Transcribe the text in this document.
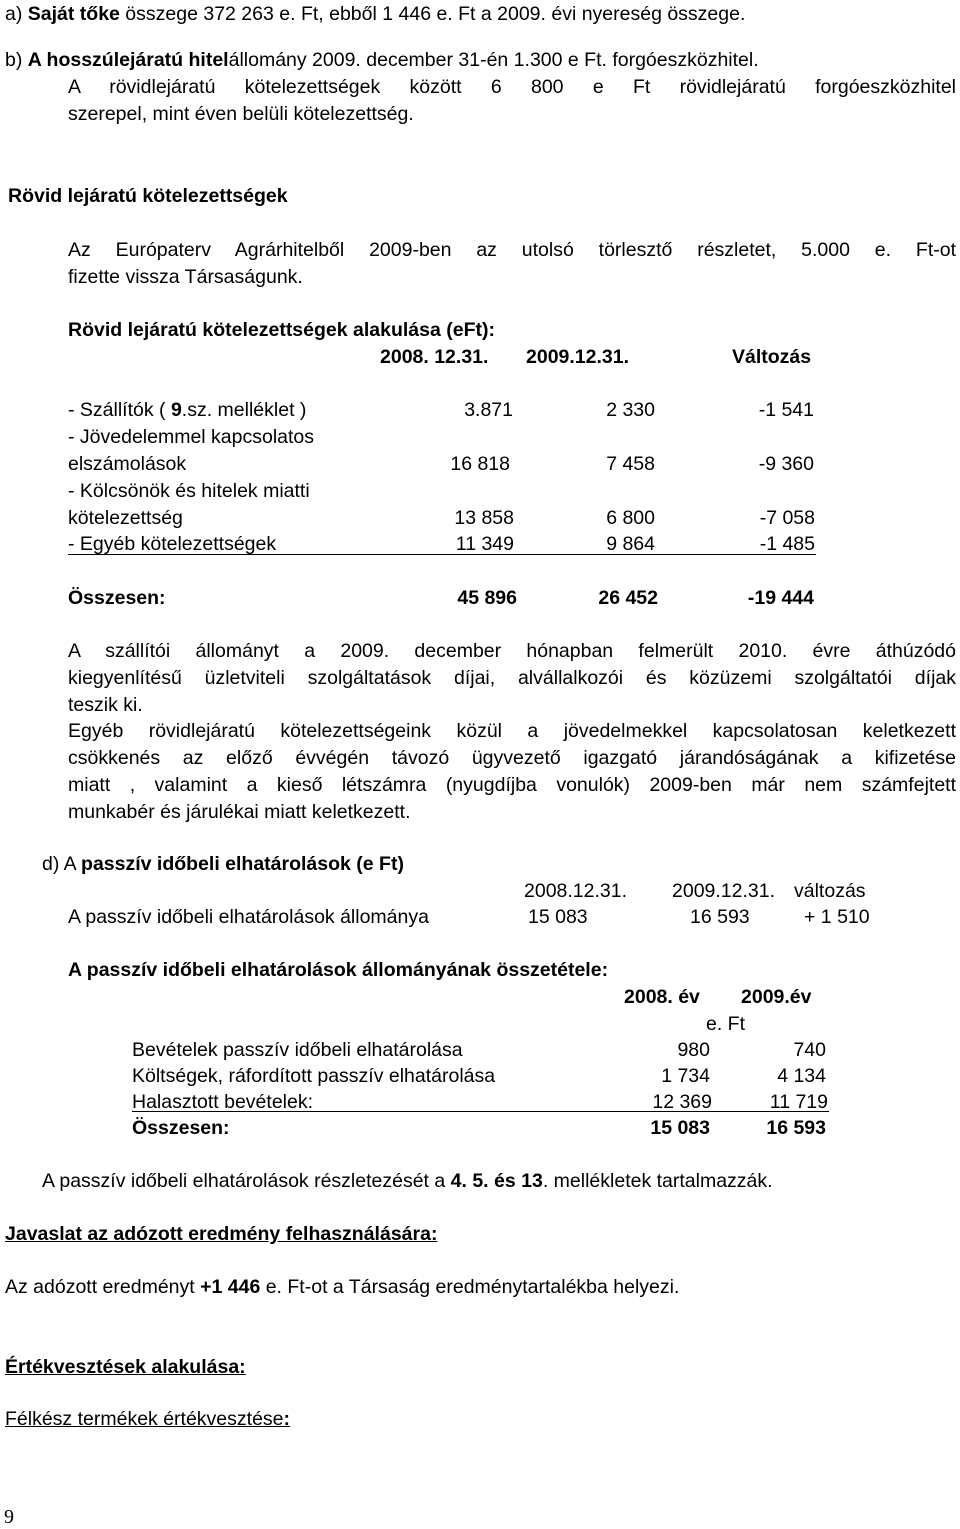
a) Saját tőke összege 372 263 e. Ft, ebből 1 446 e. Ft a 2009. évi nyereség összege.
b) A hosszúlejáratú hitelállomány 2009. december 31-én 1.300 e Ft. forgóeszközhitel.
A rövidlejáratú kötelezettségek között 6 800 e Ft rövidlejáratú forgóeszközhitel
szerepel, mint éven belüli kötelezettség.
Rövid lejáratú kötelezettségek
Az Európaterv Agrárhitelből 2009-ben az utolsó törlesztő részletet, 5.000 e. Ft-ot
fizette vissza Társaságunk.
Rövid lejáratú kötelezettségek alakulása (eFt):
2008. 12.31. 2009.12.31.	Változás
- Szállítók ( 9.sz. melléklet )	3.871	2 330	-1 541
- Jövedelemmel kapcsolatos
elszámolások	16 818	7 458	-9 360
- Kölcsönök és hitelek miatti
kötelezettség	13 858	6 800	-7 058
- Egyéb kötelezettségek	11 349	9 864	-1 485
Összesen:	45 896	26 452	-19 444
A szállítói állományt a 2009. december hónapban felmerült 2010. évre áthúzódó
kiegyenlítésű üzletviteli szolgáltatások díjai, alvállalkozói és közüzemi szolgáltatói díjak
teszik ki.
Egyéb rövidlejáratú kötelezettségeink közül a jövedelmekkel kapcsolatosan keletkezett
csökkenés az előző évvégén távozó ügyvezető igazgató járandóságának a kifizetése
miatt , valamint a kieső létszámra (nyugdíjba vonulók) 2009-ben már nem számfejtett
munkabér és járulékai miatt keletkezett.
d) A passzív időbeli elhatárolások (e Ft)
2008.12.31. 2009.12.31. változás
A passzív időbeli elhatárolások állománya	15 083	16 593	+ 1 510
A passzív időbeli elhatárolások állományának összetétele:
2008. év 2009.év
e. Ft
Bevételek passzív időbeli elhatárolása	980	740
Költségek, ráfordított passzív elhatárolása	1 734	4 134
Halasztott bevételek:	12 369	11 719
Összesen:	15 083	16 593
A passzív időbeli elhatárolások részletezését a 4. 5. és 13. mellékletek tartalmazzák.
Javaslat az adózott eredmény felhasználására:
Az adózott eredményt +1 446 e. Ft-ot a Társaság eredménytartalékba helyezi.
Értékvesztések alakulása:
Félkész termékek értékvesztése:
9
